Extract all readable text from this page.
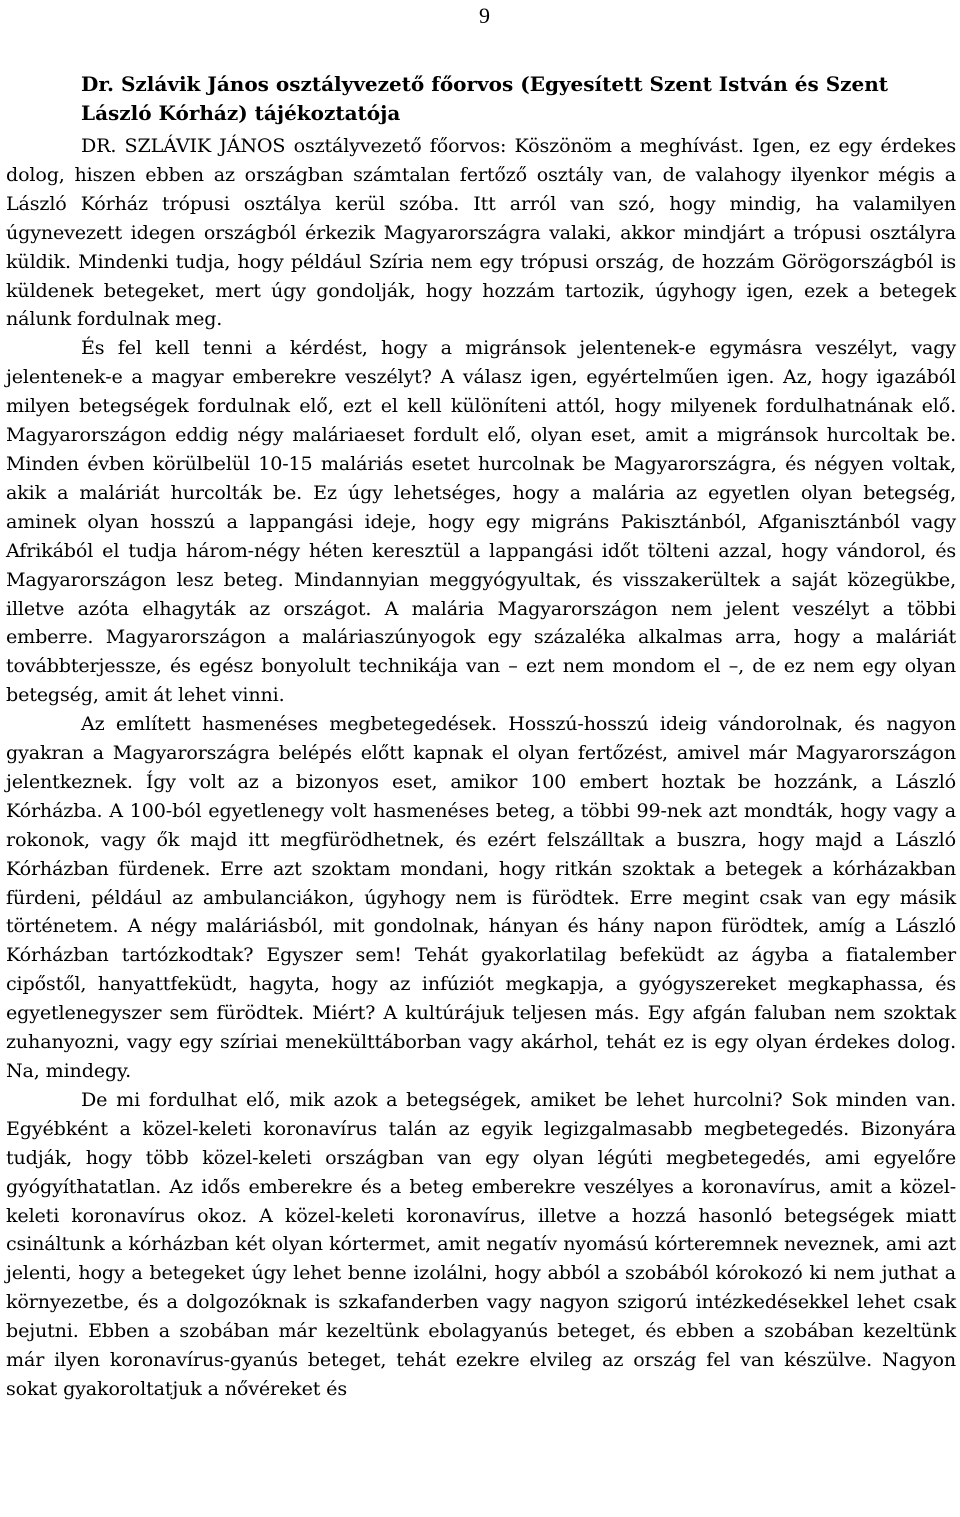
9

Dr. Szlávik János osztályvezető főorvos (Egyesített Szent István és Szent László Kórház) tájékoztatója

DR. SZLÁVIK JÁNOS osztályvezető főorvos: Köszönöm a meghívást. Igen, ez egy érdekes dolog, hiszen ebben az országban számtalan fertőző osztály van, de valahogy ilyenkor mégis a László Kórház trópusi osztálya kerül szóba. Itt arról van szó, hogy mindig, ha valamilyen úgynevezett idegen országból érkezik Magyarországra valaki, akkor mindjárt a trópusi osztályra küldik. Mindenki tudja, hogy például Szíria nem egy trópusi ország, de hozzám Görögországból is küldenek betegeket, mert úgy gondolják, hogy hozzám tartozik, úgyhogy igen, ezek a betegek nálunk fordulnak meg.

És fel kell tenni a kérdést, hogy a migránsok jelentenek-e egymásra veszélyt, vagy jelentenek-e a magyar emberekre veszélyt? A válasz igen, egyértelműen igen. Az, hogy igazából milyen betegségek fordulnak elő, ezt el kell különíteni attól, hogy milyenek fordulhatnának elő. Magyarországon eddig négy maláriaeset fordult elő, olyan eset, amit a migránsok hurcoltak be. Minden évben körülbelül 10-15 maláriás esetet hurcolnak be Magyarországra, és négyen voltak, akik a maláriát hurcolták be. Ez úgy lehetséges, hogy a malária az egyetlen olyan betegség, aminek olyan hosszú a lappangási ideje, hogy egy migráns Pakisztánból, Afganisztánból vagy Afrikából el tudja három-négy héten keresztül a lappangási időt tölteni azzal, hogy vándorol, és Magyarországon lesz beteg. Mindannyian meggyógyultak, és visszakerültek a saját közegükbe, illetve azóta elhagyták az országot. A malária Magyarországon nem jelent veszélyt a többi emberre. Magyarországon a maláriaszúnyogok egy százaléka alkalmas arra, hogy a maláriát továbbterjessze, és egész bonyolult technikája van – ezt nem mondom el –, de ez nem egy olyan betegség, amit át lehet vinni.

Az említett hasmenéses megbetegedések. Hosszú-hosszú ideig vándorolnak, és nagyon gyakran a Magyarországra belépés előtt kapnak el olyan fertőzést, amivel már Magyarországon jelentkeznek. Így volt az a bizonyos eset, amikor 100 embert hoztak be hozzánk, a László Kórházba. A 100-ból egyetlenegy volt hasmenéses beteg, a többi 99-nek azt mondták, hogy vagy a rokonok, vagy ők majd itt megfürödhetnek, és ezért felszálltak a buszra, hogy majd a László Kórházban fürdenek. Erre azt szoktam mondani, hogy ritkán szoktak a betegek a kórházakban fürdeni, például az ambulanciákon, úgyhogy nem is fürödtek. Erre megint csak van egy másik történetem. A négy maláriásból, mit gondolnak, hányan és hány napon fürödtek, amíg a László Kórházban tartózkodtak? Egyszer sem! Tehát gyakorlatilag befeküdt az ágyba a fiatalember cipőstől, hanyattfeküdt, hagyta, hogy az infúziót megkapja, a gyógyszereket megkaphassa, és egyetlenegyszer sem fürödtek. Miért? A kultúrájuk teljesen más. Egy afgán faluban nem szoktak zuhanyozni, vagy egy szíriai menekülttáborban vagy akárhol, tehát ez is egy olyan érdekes dolog. Na, mindegy.

De mi fordulhat elő, mik azok a betegségek, amiket be lehet hurcolni? Sok minden van. Egyébként a közel-keleti koronavírus talán az egyik legizgalmasabb megbetegedés. Bizonyára tudják, hogy több közel-keleti országban van egy olyan légúti megbetegedés, ami egyelőre gyógyíthatatlan. Az idős emberekre és a beteg emberekre veszélyes a koronavírus, amit a közel-keleti koronavírus okoz. A közel-keleti koronavírus, illetve a hozzá hasonló betegségek miatt csináltunk a kórházban két olyan kórtermet, amit negatív nyomású kórteremnek neveznek, ami azt jelenti, hogy a betegeket úgy lehet benne izolálni, hogy abból a szobából kórokozó ki nem juthat a környezetbe, és a dolgozóknak is szkafanderben vagy nagyon szigorú intézkedésekkel lehet csak bejutni. Ebben a szobában már kezeltünk ebolagyanús beteget, és ebben a szobában kezeltünk már ilyen koronavírus-gyanús beteget, tehát ezekre elvileg az ország fel van készülve. Nagyon sokat gyakoroltatjuk a nővéreket és
